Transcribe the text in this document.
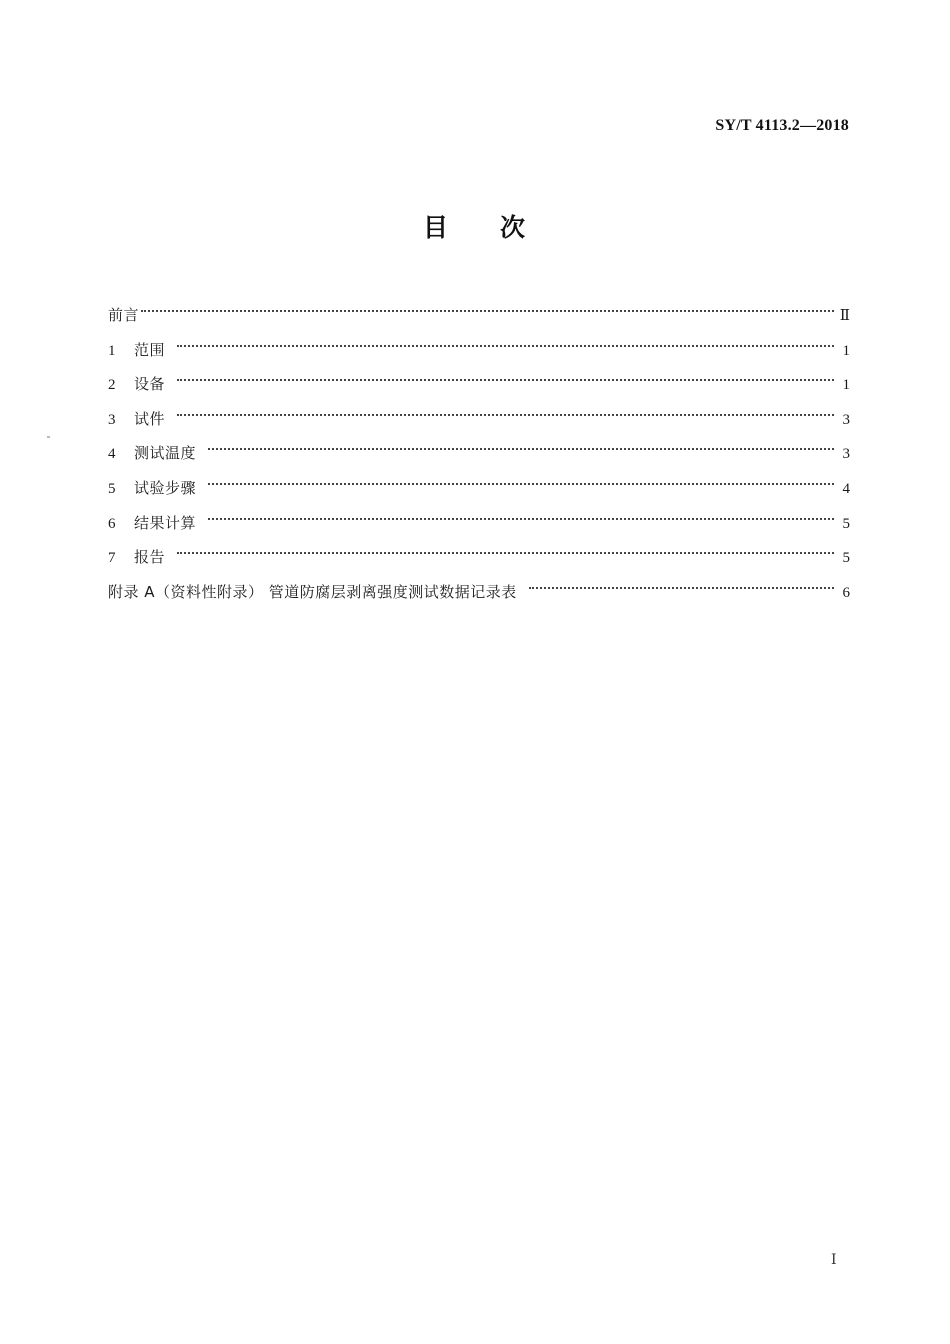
SY/T 4113.2—2018
目 次
前言	Ⅱ
1	范围	1
2	设备	1
3	试件	3
4	测试温度	3
5	试验步骤	4
6	结果计算	5
7	报告	5
附录 A（资料性附录） 管道防腐层剥离强度测试数据记录表	6
Ⅰ
